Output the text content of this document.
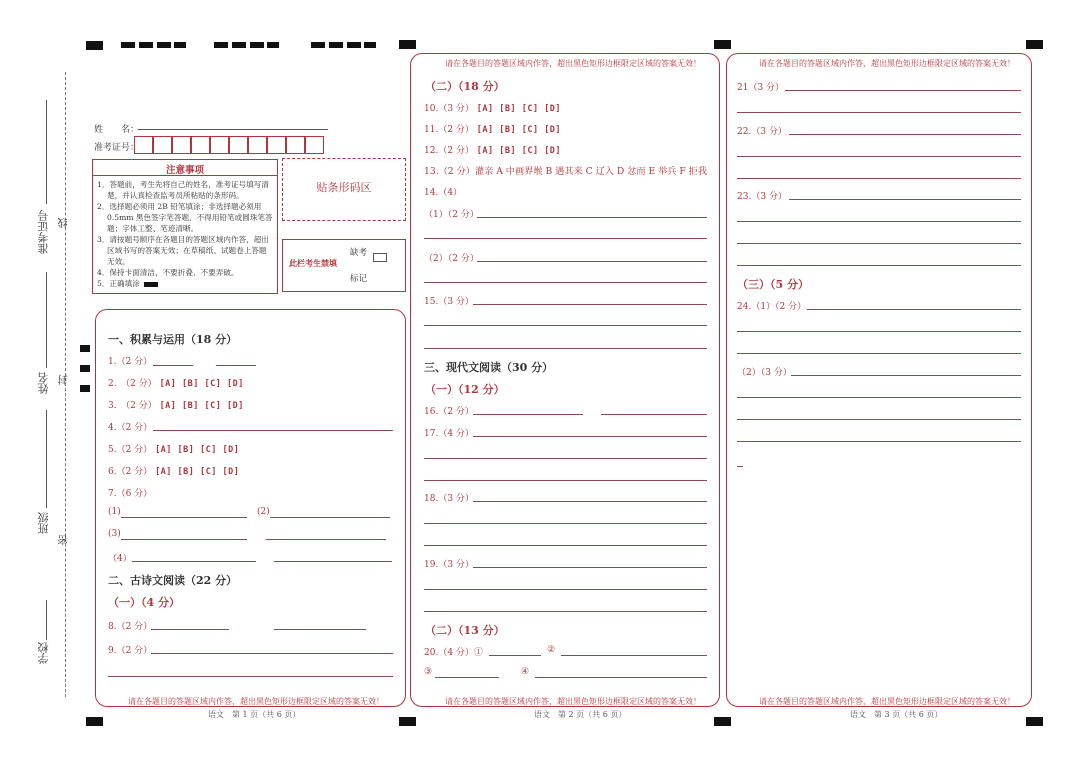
学校
班级
姓名
准考证号
密
封
线
姓　　名：
准考证号：
注意事项
1．答题前，考生先将自己的姓名，准考证号填写清
　 楚，并认真检查监考员所粘贴的条形码。
2．选择题必须用 2B 铅笔填涂；非选择题必须用
　 0.5mm 黑色签字笔答题，不得用铅笔或圆珠笔答
　 题；字体工整、笔迹清晰。
3．请按题号顺序在各题目的答题区域内作答，超出
　 区域书写的答案无效；在草稿纸、试题卷上答题
　 无效。
4．保持卡面清洁，不要折叠、不要弄破。
5．正确填涂
贴条形码区
此栏考生禁填
缺考
标记
一、积累与运用（18 分）
1.（2 分）
2.　（2 分） [A] [B] [C] [D]
3.　（2 分） [A] [B] [C] [D]
4.（2 分）
5.（2 分） [A] [B] [C] [D]
6.（2 分） [A] [B] [C] [D]
7.（6 分）
(1)	(2)
(3)
（4）
二、古诗文阅读（22 分）
（一）（4 分）
8.（2 分）
9.（2 分）
请在各题目的答题区域内作答，超出黑色矩形边框限定区域的答案无效！
语文　第 1 页（共 6 页）
请在各题目的答题区域内作答，超出黑色矩形边框限定区域的答案无效！
（二）（18 分）
10.（3 分） [A] [B] [C] [D]
11.（2 分） [A] [B] [C] [D]
12.（2 分） [A] [B] [C] [D]
13.（2 分）灌亲 A 中画界堠 B 遇其来 C 辽入 D 忿而 E 举兵 F 拒我
14.（4）
（1）（2 分）
（2）（2 分）
15.（3 分）
三、现代文阅读（30 分）
（一）（12 分）
16.（2 分）
17.（4 分）
18.（3 分）
19.（3 分）
（二）（13 分）
20.（4 分）①	②
③	④
请在各题目的答题区域内作答，超出黑色矩形边框限定区域的答案无效！
语文　第 2 页（共 6 页）
请在各题目的答题区域内作答，超出黑色矩形边框限定区域的答案无效！
21（3 分）
22.（3 分）
23.（3 分）
（三）（5 分）
24.（1）（2 分）
（2）（3 分）
请在各题目的答题区域内作答，超出黑色矩形边框限定区域的答案无效！
语文　第 3 页（共 6 页）
